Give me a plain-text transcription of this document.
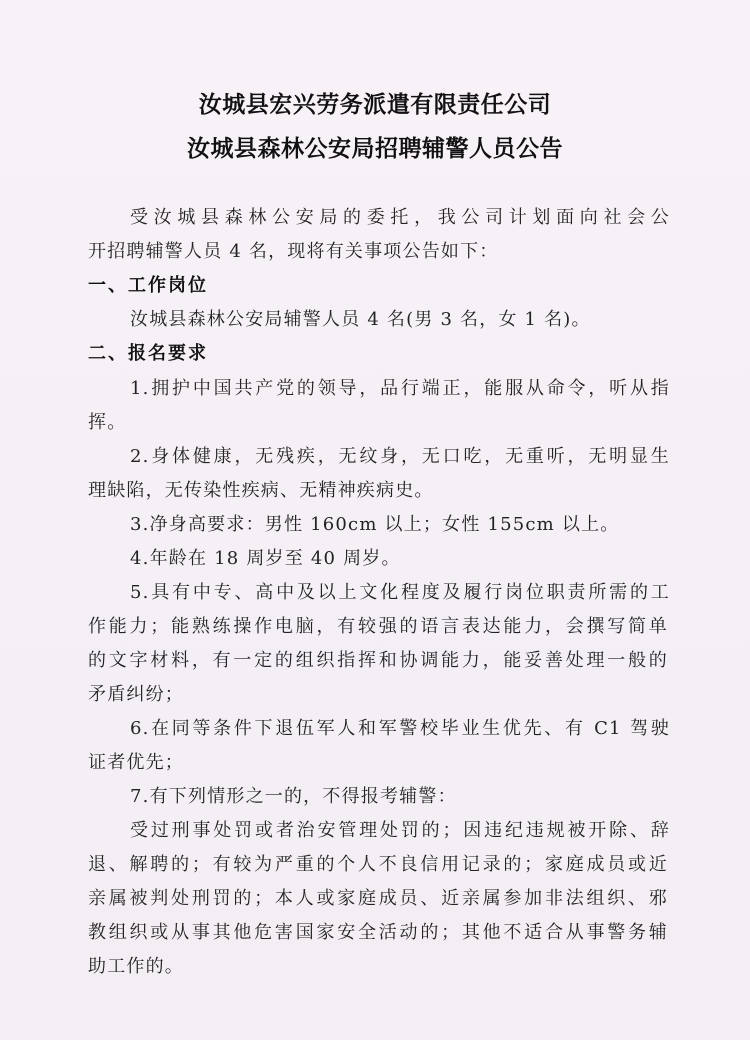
汝城县宏兴劳务派遣有限责任公司
汝城县森林公安局招聘辅警人员公告
受汝城县森林公安局的委托，我公司计划面向社会公
开招聘辅警人员 4 名，现将有关事项公告如下：
一、工作岗位
汝城县森林公安局辅警人员 4 名(男 3 名，女 1 名)。
二、报名要求
1.拥护中国共产党的领导，品行端正，能服从命令，听从指
挥。
2.身体健康，无残疾，无纹身，无口吃，无重听，无明显生
理缺陷，无传染性疾病、无精神疾病史。
3.净身高要求：男性 160cm 以上；女性 155cm 以上。
4.年龄在 18 周岁至 40 周岁。
5.具有中专、高中及以上文化程度及履行岗位职责所需的工
作能力；能熟练操作电脑，有较强的语言表达能力，会撰写简单
的文字材料，有一定的组织指挥和协调能力，能妥善处理一般的
矛盾纠纷；
6.在同等条件下退伍军人和军警校毕业生优先、有 C1 驾驶
证者优先；
7.有下列情形之一的，不得报考辅警：
受过刑事处罚或者治安管理处罚的；因违纪违规被开除、辞
退、解聘的；有较为严重的个人不良信用记录的；家庭成员或近
亲属被判处刑罚的；本人或家庭成员、近亲属参加非法组织、邪
教组织或从事其他危害国家安全活动的；其他不适合从事警务辅
助工作的。
